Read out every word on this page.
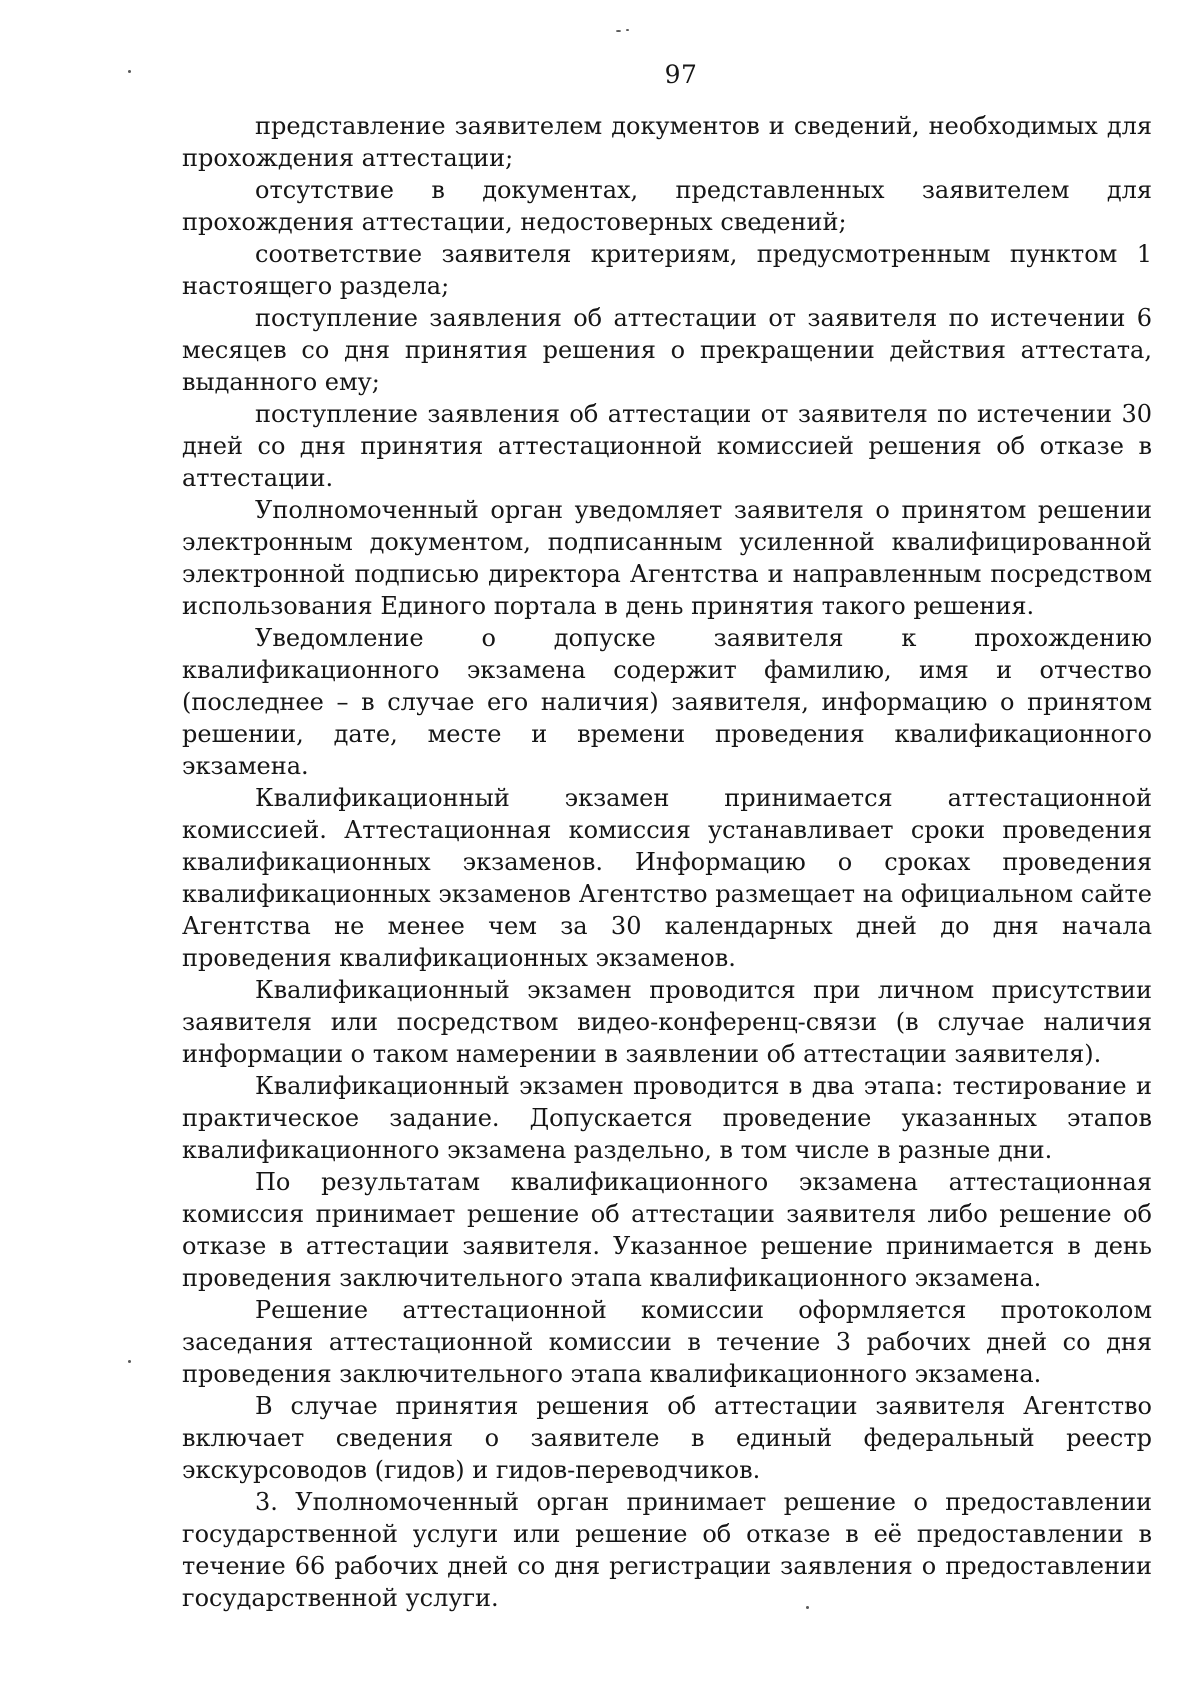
97

представление заявителем документов и сведений, необходимых для прохождения аттестации;

отсутствие в документах, представленных заявителем для прохождения аттестации, недостоверных сведений;

соответствие заявителя критериям, предусмотренным пунктом 1 настоящего раздела;

поступление заявления об аттестации от заявителя по истечении 6 месяцев со дня принятия решения о прекращении действия аттестата, выданного ему;

поступление заявления об аттестации от заявителя по истечении 30 дней со дня принятия аттестационной комиссией решения об отказе в аттестации.

Уполномоченный орган уведомляет заявителя о принятом решении электронным документом, подписанным усиленной квалифицированной электронной подписью директора Агентства и направленным посредством использования Единого портала в день принятия такого решения.

Уведомление о допуске заявителя к прохождению квалификационного экзамена содержит фамилию, имя и отчество (последнее – в случае его наличия) заявителя, информацию о принятом решении, дате, месте и времени проведения квалификационного экзамена.

Квалификационный экзамен принимается аттестационной комиссией. Аттестационная комиссия устанавливает сроки проведения квалификационных экзаменов. Информацию о сроках проведения квалификационных экзаменов Агентство размещает на официальном сайте Агентства не менее чем за 30 календарных дней до дня начала проведения квалификационных экзаменов.

Квалификационный экзамен проводится при личном присутствии заявителя или посредством видео-конференц-связи (в случае наличия информации о таком намерении в заявлении об аттестации заявителя).

Квалификационный экзамен проводится в два этапа: тестирование и практическое задание. Допускается проведение указанных этапов квалификационного экзамена раздельно, в том числе в разные дни.

По результатам квалификационного экзамена аттестационная комиссия принимает решение об аттестации заявителя либо решение об отказе в аттестации заявителя. Указанное решение принимается в день проведения заключительного этапа квалификационного экзамена.

Решение аттестационной комиссии оформляется протоколом заседания аттестационной комиссии в течение 3 рабочих дней со дня проведения заключительного этапа квалификационного экзамена.

В случае принятия решения об аттестации заявителя Агентство включает сведения о заявителе в единый федеральный реестр экскурсоводов (гидов) и гидов-переводчиков.

3. Уполномоченный орган принимает решение о предоставлении государственной услуги или решение об отказе в её предоставлении в течение 66 рабочих дней со дня регистрации заявления о предоставлении государственной услуги.
